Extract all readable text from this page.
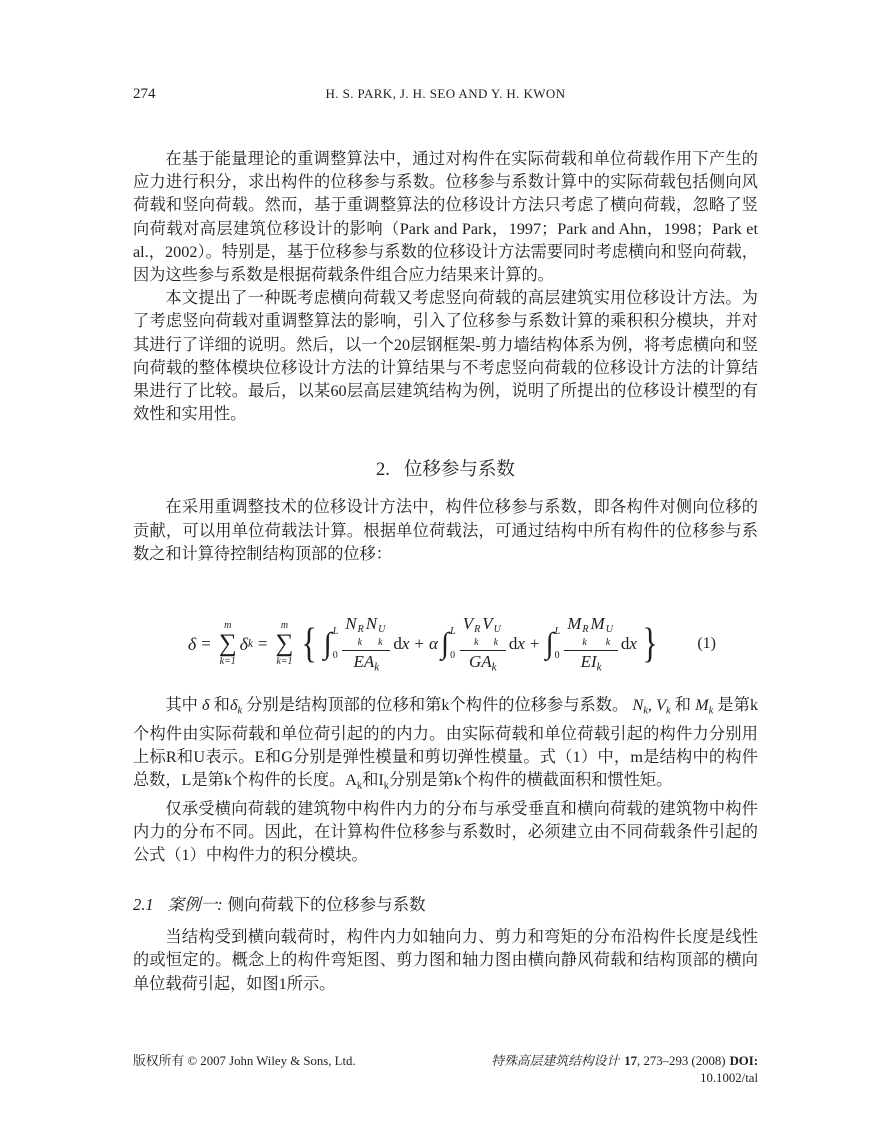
274	H. S. PARK, J. H. SEO AND Y. H. KWON

在基于能量理论的重调整算法中，通过对构件在实际荷载和单位荷载作用下产生的应力进行积分，求出构件的位移参与系数。位移参与系数计算中的实际荷载包括侧向风荷载和竖向荷载。然而，基于重调整算法的位移设计方法只考虑了横向荷载，忽略了竖向荷载对高层建筑位移设计的影响（Park and Park，1997；Park and Ahn，1998；Park et al.，2002）。特别是，基于位移参与系数的位移设计方法需要同时考虑横向和竖向荷载，因为这些参与系数是根据荷载条件组合应力结果来计算的。

本文提出了一种既考虑横向荷载又考虑竖向荷载的高层建筑实用位移设计方法。为了考虑竖向荷载对重调整算法的影响，引入了位移参与系数计算的乘积积分模块，并对其进行了详细的说明。然后，以一个20层钢框架-剪力墙结构体系为例，将考虑横向和竖向荷载的整体模块位移设计方法的计算结果与不考虑竖向荷载的位移设计方法的计算结果进行了比较。最后，以某60层高层建筑结构为例，说明了所提出的位移设计模型的有效性和实用性。

2. 位移参与系数

在采用重调整技术的位移设计方法中，构件位移参与系数，即各构件对侧向位移的贡献，可以用单位荷载法计算。根据单位荷载法，可通过结构中所有构件的位移参与系数之和计算待控制结构顶部的位移：

δ =
m
∑
k=1
δ k =
m
∑
k=1 { ∫ L
0 N R
k
N U
k
$EA_k$ dx + α ∫ L
0 V R
k
V U
k
$GA_k$ dx + ∫ L
0 M R
k
M U
k
$EI_k$ dx } (1)

其中 δ 和$\delta_k$ 分别是结构顶部的位移和第k个构件的位移参与系数。 $N_k$, $V_k$ 和 $M_k$ 是第k个构件由实际荷载和单位荷引起的的内力。由实际荷载和单位荷载引起的构件力分别用上标R和U表示。E和G分别是弹性模量和剪切弹性模量。式（1）中，m是结构中的构件总数，L是第k个构件的长度。$A_k$和$I_k$分别是第k个构件的横截面积和惯性矩。

仅承受横向荷载的建筑物中构件内力的分布与承受垂直和横向荷载的建筑物中构件内力的分布不同。因此，在计算构件位移参与系数时，必须建立由不同荷载条件引起的公式（1）中构件力的积分模块。

2.1 案例一: 侧向荷载下的位移参与系数

当结构受到横向载荷时，构件内力如轴向力、剪力和弯矩的分布沿构件长度是线性的或恒定的。概念上的构件弯矩图、剪力图和轴力图由横向静风荷载和结构顶部的横向单位载荷引起，如图1所示。

版权所有 © 2007 John Wiley & Sons, Ltd.	特殊高层建筑结构设计 17, 273–293 (2008) DOI:
10.1002/tal
